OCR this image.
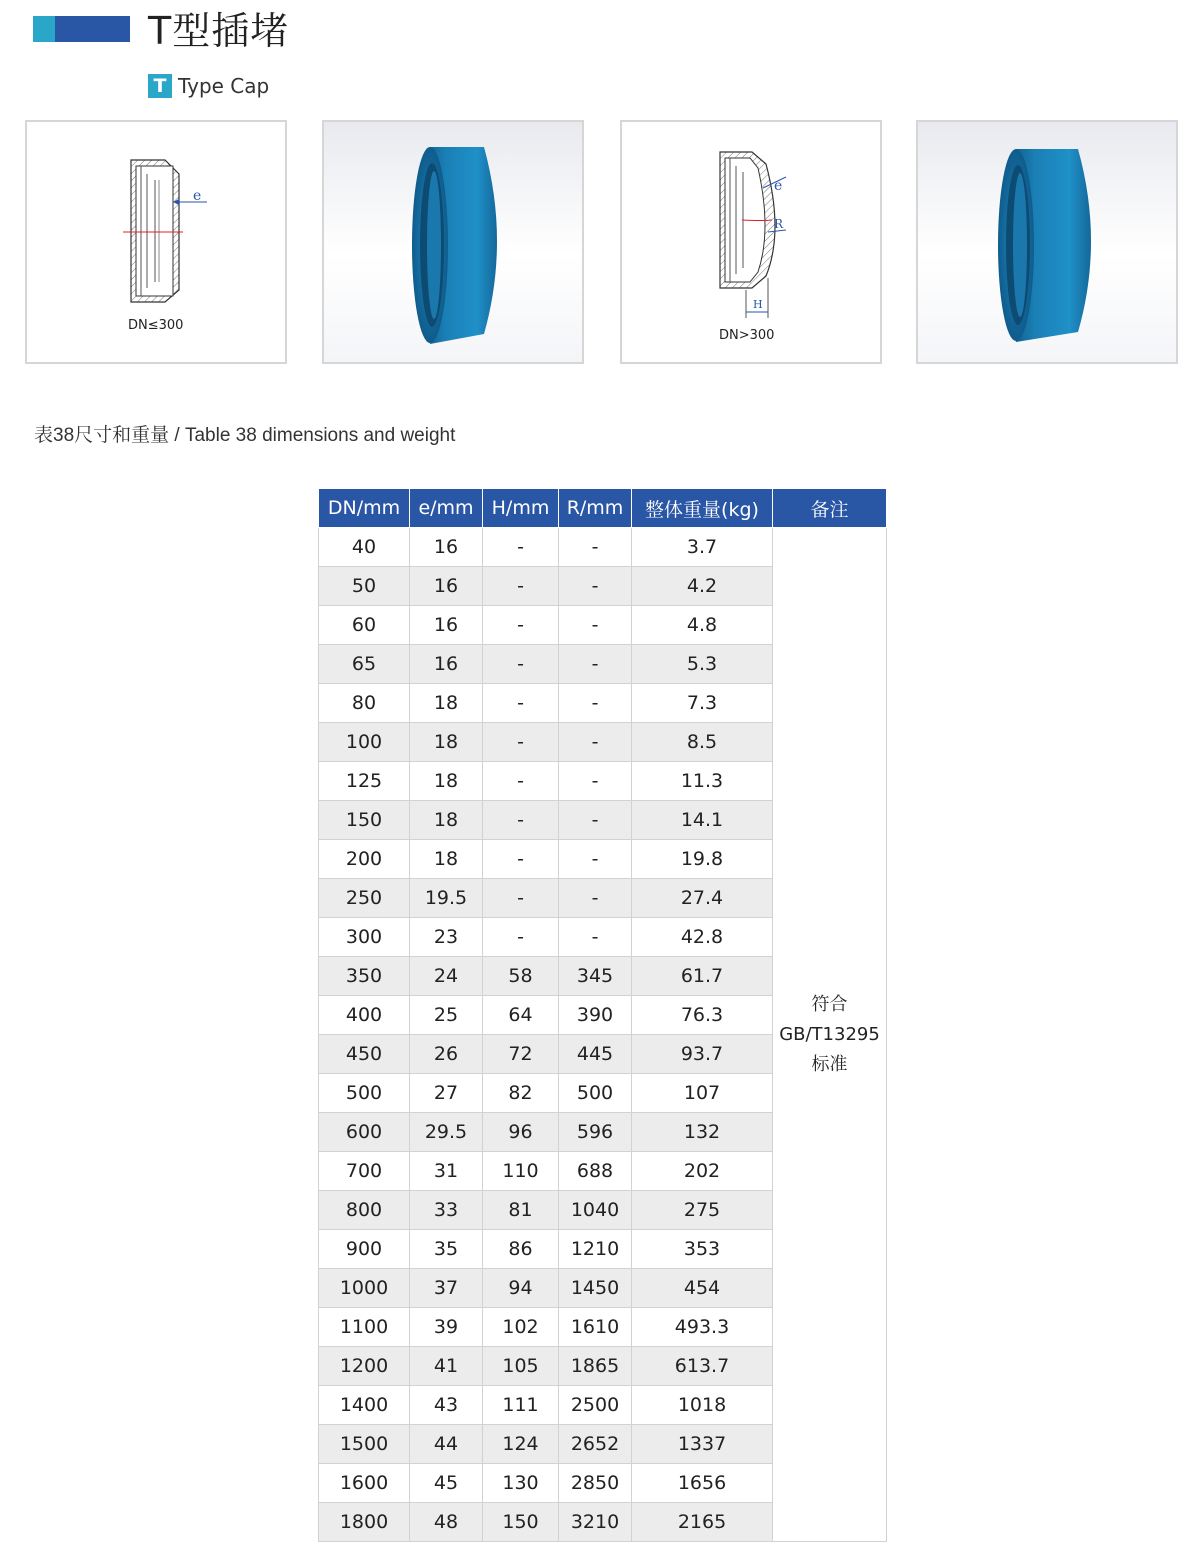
T型插堵
T Type Cap
e
DN≤300
e
R
H
DN>300
表38尺寸和重量 / Table 38 dimensions and weight
DN/mm	e/mm	H/mm	R/mm	整体重量(kg)	备注
40	16	-	-	3.7	符合
GB/T13295
标准
50	16	-	-	4.2	
60	16	-	-	4.8	
65	16	-	-	5.3	
80	18	-	-	7.3	
100	18	-	-	8.5	
125	18	-	-	11.3	
150	18	-	-	14.1	
200	18	-	-	19.8	
250	19.5	-	-	27.4	
300	23	-	-	42.8	
350	24	58	345	61.7	
400	25	64	390	76.3	
450	26	72	445	93.7	
500	27	82	500	107	
600	29.5	96	596	132	
700	31	110	688	202	
800	33	81	1040	275	
900	35	86	1210	353	
1000	37	94	1450	454	
1100	39	102	1610	493.3	
1200	41	105	1865	613.7	
1400	43	111	2500	1018	
1500	44	124	2652	1337	
1600	45	130	2850	1656	
1800	48	150	3210	2165	
